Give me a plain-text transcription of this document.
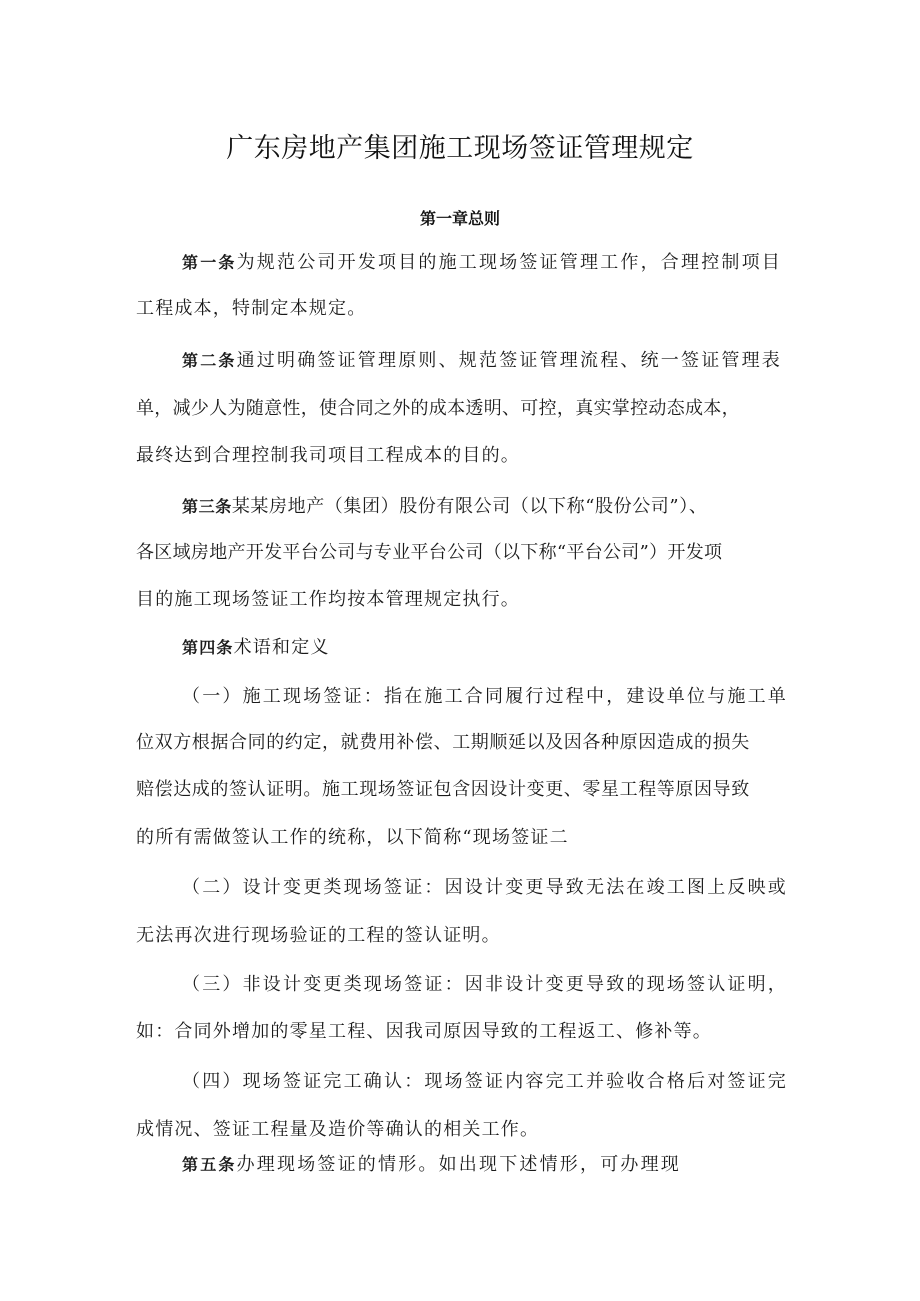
广东房地产集团施工现场签证管理规定
第一章总则
第一条为规范公司开发项目的施工现场签证管理工作，合理控制项目
工程成本，特制定本规定。
第二条通过明确签证管理原则、规范签证管理流程、统一签证管理表
单，减少人为随意性，使合同之外的成本透明、可控，真实掌控动态成本，
最终达到合理控制我司项目工程成本的目的。
第三条某某房地产（集团）股份有限公司（以下称“股份公司”）、
各区域房地产开发平台公司与专业平台公司（以下称“平台公司”）开发项
目的施工现场签证工作均按本管理规定执行。
第四条术语和定义
（一）施工现场签证：指在施工合同履行过程中，建设单位与施工单
位双方根据合同的约定，就费用补偿、工期顺延以及因各种原因造成的损失
赔偿达成的签认证明。施工现场签证包含因设计变更、零星工程等原因导致
的所有需做签认工作的统称，以下简称“现场签证二
（二）设计变更类现场签证：因设计变更导致无法在竣工图上反映或
无法再次进行现场验证的工程的签认证明。
（三）非设计变更类现场签证：因非设计变更导致的现场签认证明，
如：合同外增加的零星工程、因我司原因导致的工程返工、修补等。
（四）现场签证完工确认：现场签证内容完工并验收合格后对签证完
成情况、签证工程量及造价等确认的相关工作。
第五条办理现场签证的情形。如出现下述情形，可办理现
